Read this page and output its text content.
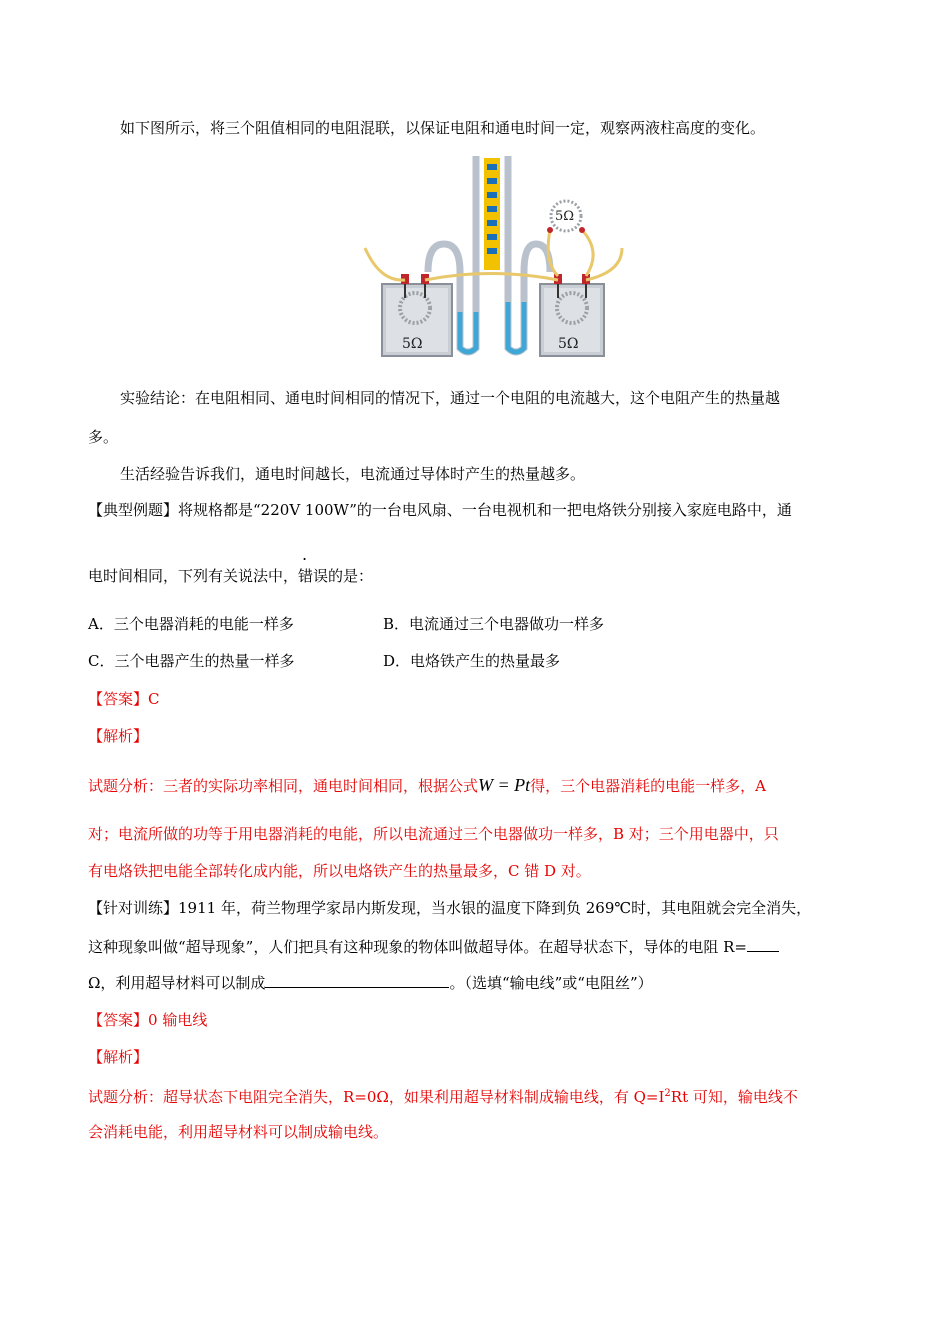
如下图所示，将三个阻值相同的电阻混联，以保证电阻和通电时间一定，观察两液柱高度的变化。
5Ω
5Ω	5Ω
实验结论：在电阻相同、通电时间相同的情况下，通过一个电阻的电流越大，这个电阻产生的热量越
多。
生活经验告诉我们，通电时间越长，电流通过导体时产生的热量越多。
【典型例题】将规格都是“220V 100W”的一台电风扇、一台电视机和一把电烙铁分别接入家庭电路中，通
电时间相同，下列有关说法中，错误的是：
A．三个电器消耗的电能一样多	B．电流通过三个电器做功一样多
C．三个电器产生的热量一样多	D．电烙铁产生的热量最多
【答案】C
【解析】
试题分析：三者的实际功率相同，通电时间相同，根据公式W = Pt得，三个电器消耗的电能一样多，A
对；电流所做的功等于用电器消耗的电能，所以电流通过三个电器做功一样多，B 对；三个用电器中，只
有电烙铁把电能全部转化成内能，所以电烙铁产生的热量最多，C 错 D 对。
【针对训练】1911 年，荷兰物理学家昂内斯发现，当水银的温度下降到负 269℃时，其电阻就会完全消失，
这种现象叫做“超导现象”，人们把具有这种现象的物体叫做超导体。在超导状态下，导体的电阻 R=
Ω，利用超导材料可以制成	。（选填“输电线”或“电阻丝”）
【答案】0 输电线
【解析】
试题分析：超导状态下电阻完全消失，R=0Ω，如果利用超导材料制成输电线，有 $Q=I^2Rt$ 可知，输电线不
会消耗电能，利用超导材料可以制成输电线。
